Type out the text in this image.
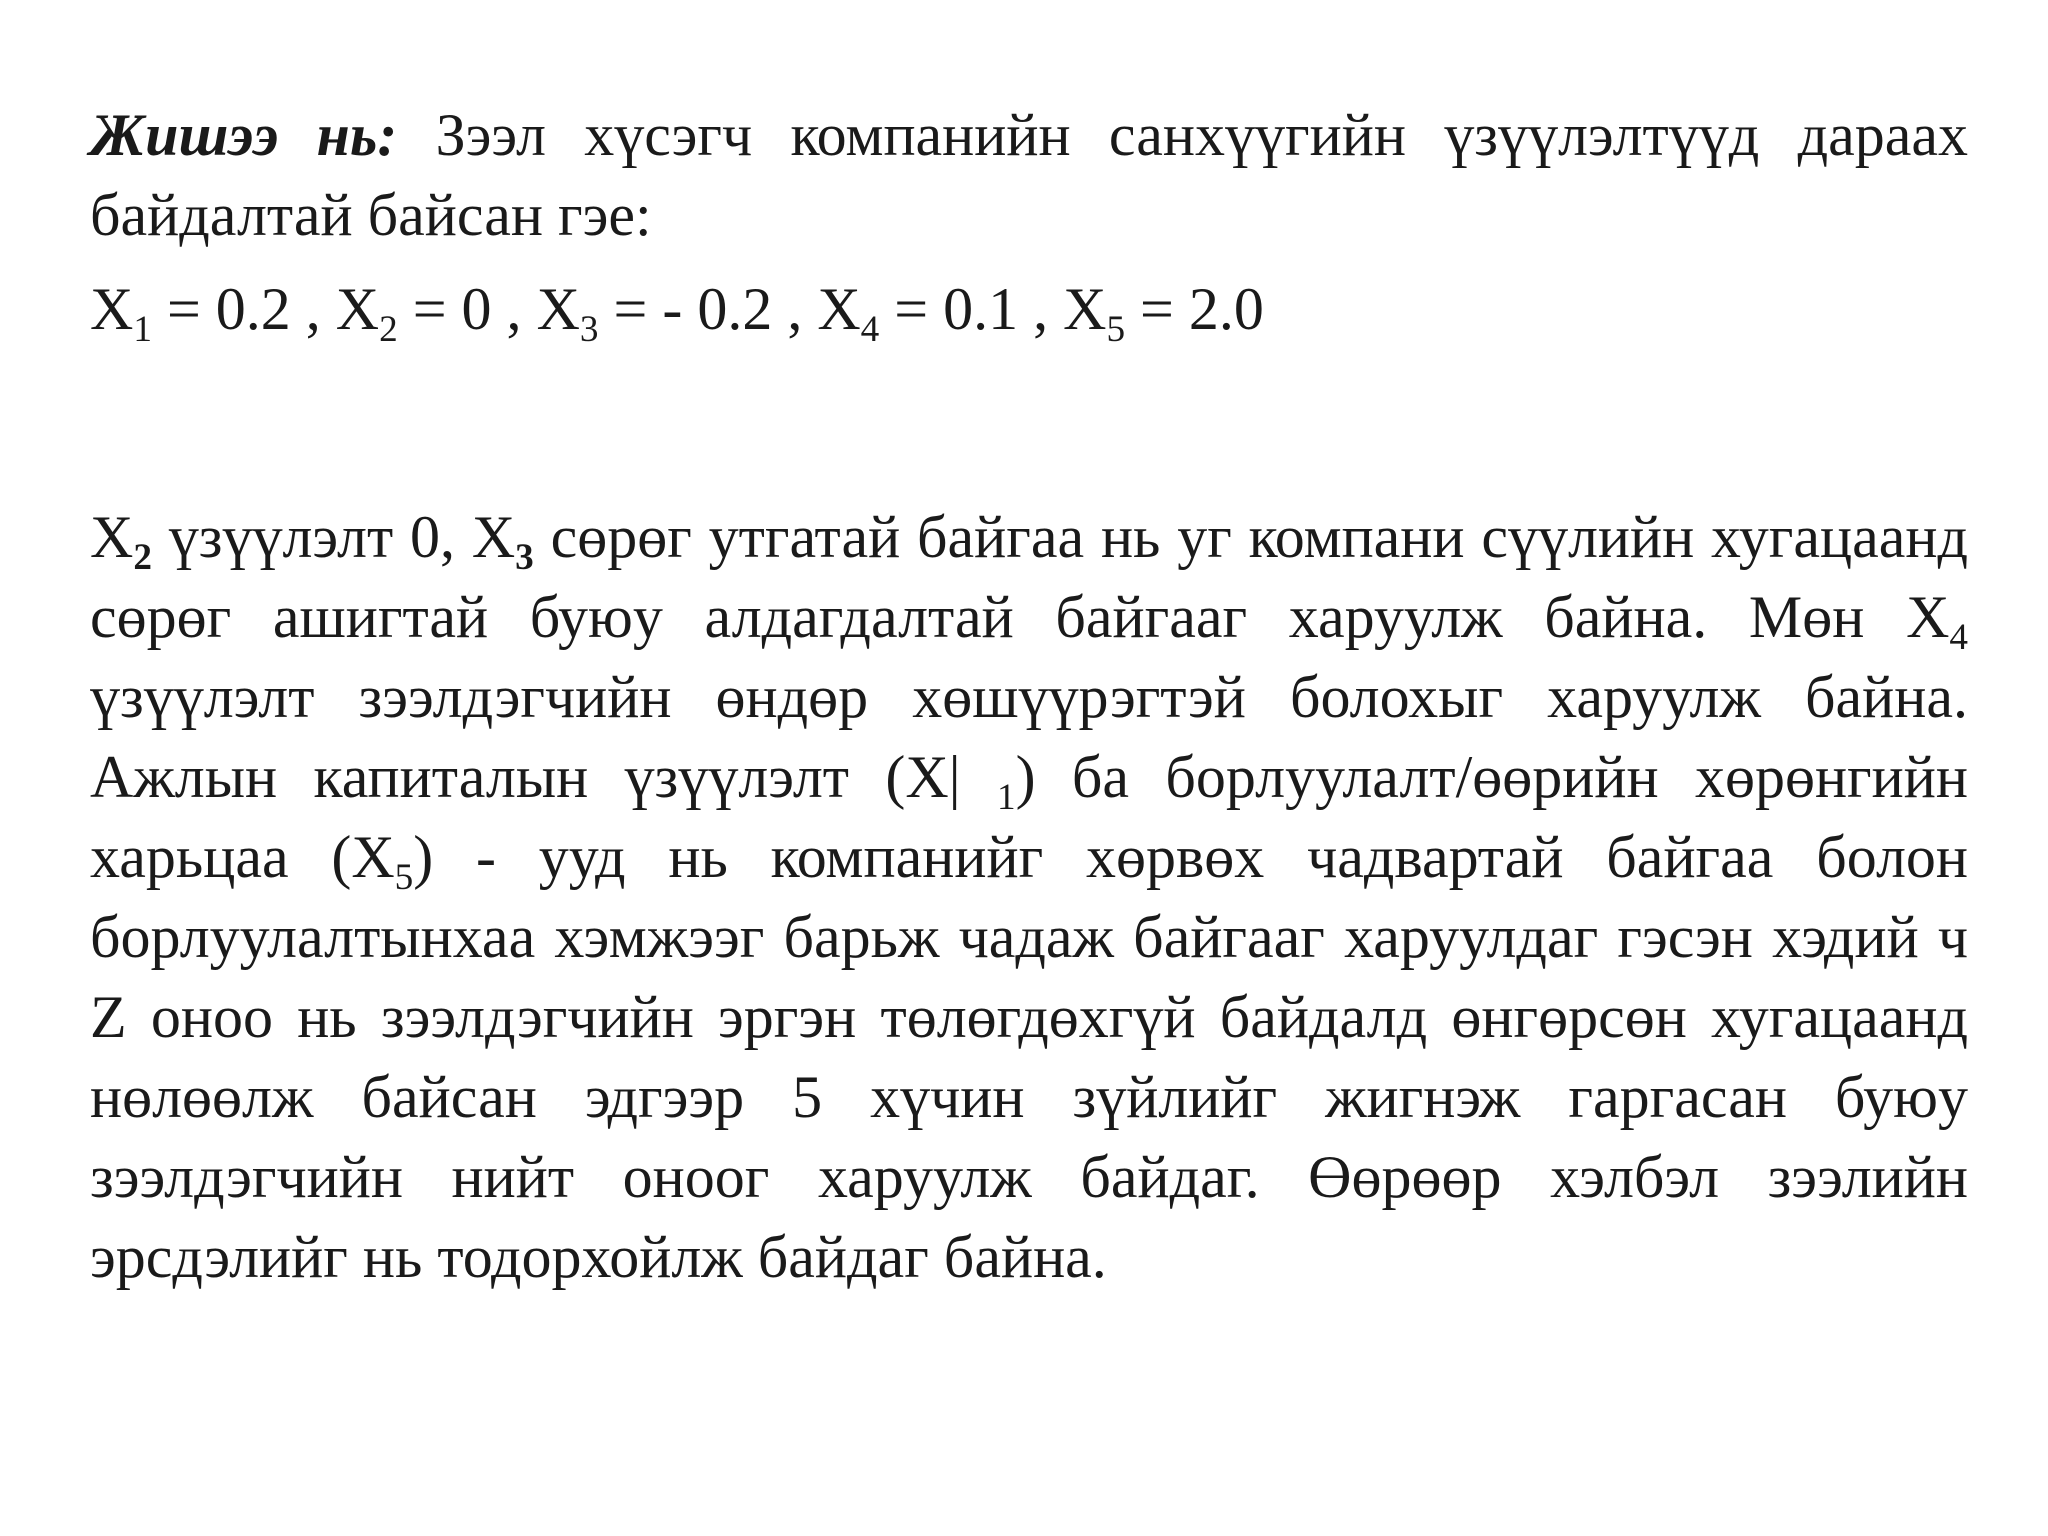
Жишээ нь: Зээл хүсэгч компанийн санхүүгийн үзүүлэлтүүд дараах байдалтай байсан гэе:

$X_1 = 0.2$ , $X_2 = 0$ , $X_3$ = - 0.2 , $X_4 = 0.1$ , $X_5 = 2.0$

$X_2$ үзүүлэлт 0, $X_3$ сөрөг утгатай байгаа нь уг компани сүүлийн хугацаанд сөрөг ашигтай буюу алдагдалтай байгааг харуулж байна. Мөн $X_4$ үзүүлэлт зээлдэгчийн өндөр хөшүүрэгтэй болохыг харуулж байна. Ажлын капиталын үзүүлэлт (X| $_1$) ба борлуулалт/өөрийн хөрөнгийн харьцаа $(X_5)$ - ууд нь компанийг хөрвөх чадвартай байгаа болон борлуулалтынхаа хэмжээг барьж чадаж байгааг харуулдаг гэсэн хэдий ч Z оноо нь зээлдэгчийн эргэн төлөгдөхгүй байдалд өнгөрсөн хугацаанд нөлөөлж байсан эдгээр 5 хүчин зүйлийг жигнэж гаргасан буюу зээлдэгчийн нийт оноог харуулж байдаг. Өөрөөр хэлбэл зээлийн эрсдэлийг нь тодорхойлж байдаг байна.
